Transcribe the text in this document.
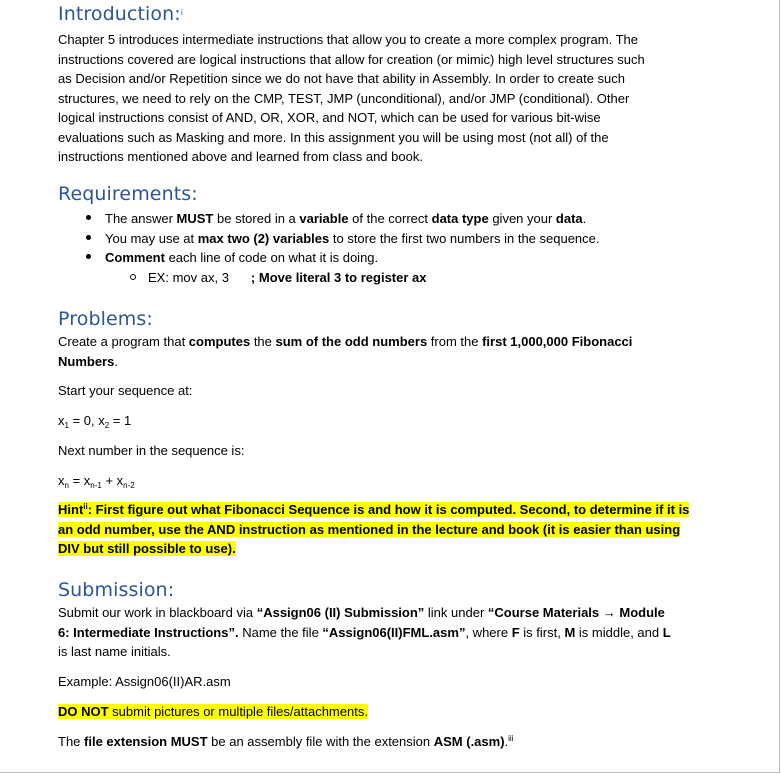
Introduction:$^i$
Chapter 5 introduces intermediate instructions that allow you to create a more complex program. The
instructions covered are logical instructions that allow for creation (or mimic) high level structures such
as Decision and/or Repetition since we do not have that ability in Assembly. In order to create such
structures, we need to rely on the CMP, TEST, JMP (unconditional), and/or JMP (conditional). Other
logical instructions consist of AND, OR, XOR, and NOT, which can be used for various bit-wise
evaluations such as Masking and more. In this assignment you will be using most (not all) of the
instructions mentioned above and learned from class and book.
Requirements:
The answer MUST be stored in a variable of the correct data type given your data.
You may use at max two (2) variables to store the first two numbers in the sequence.
Comment each line of code on what it is doing.
EX: mov ax, 3 ; Move literal 3 to register ax
Problems:
Create a program that computes the sum of the odd numbers from the first 1,000,000 Fibonacci
Numbers.
Start your sequence at:
$x_1 = 0$, $x_2 = 1$
Next number in the sequence is:
$x_n = x_{n-1} + x_{n-2}$
Hint$^{ii}$: First figure out what Fibonacci Sequence is and how it is computed. Second, to determine if it is
an odd number, use the AND instruction as mentioned in the lecture and book (it is easier than using
DIV but still possible to use).
Submission:
Submit our work in blackboard via “Assign06 (II) Submission” link under “Course Materials → Module
6: Intermediate Instructions”. Name the file “Assign06(II)FML.asm”, where F is first, M is middle, and L
is last name initials.
Example: Assign06(II)AR.asm
DO NOT submit pictures or multiple files/attachments.
The file extension MUST be an assembly file with the extension ASM (.asm).$^{iii}$
